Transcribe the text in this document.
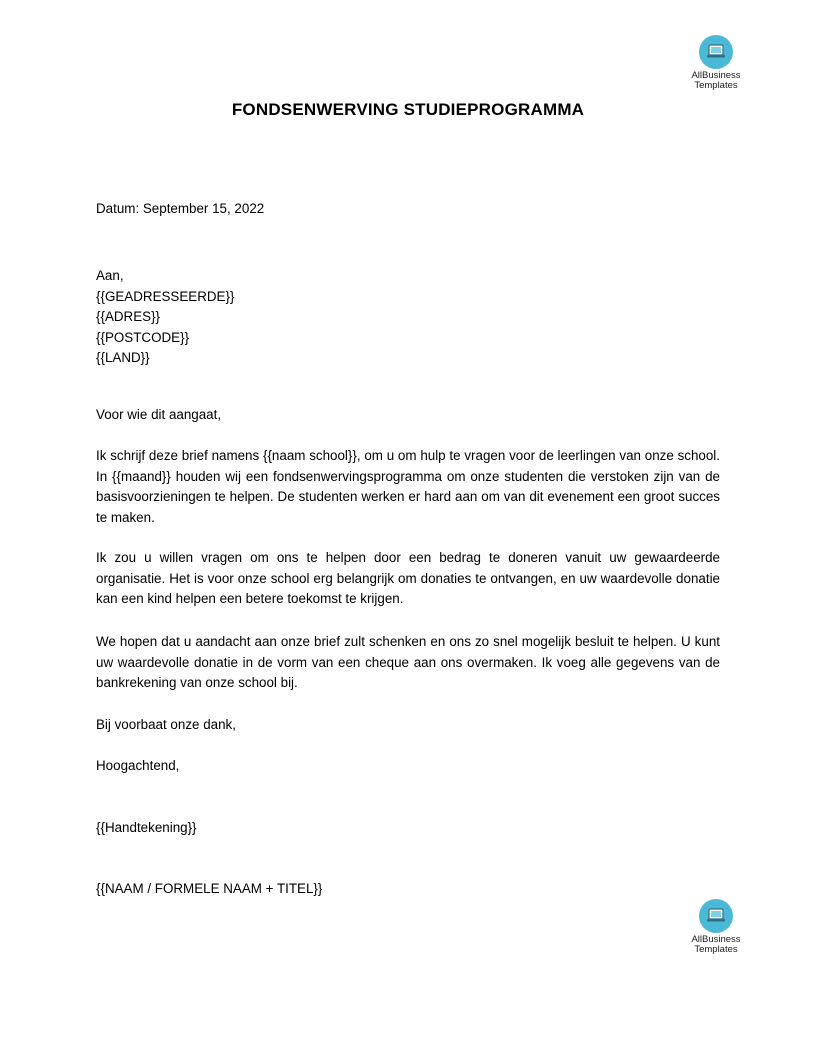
AllBusiness
Templates
FONDSENWERVING STUDIEPROGRAMMA
Datum: September 15, 2022
Aan,
{{GEADRESSEERDE}}
{{ADRES}}
{{POSTCODE}}
{{LAND}}
Voor wie dit aangaat,
Ik schrijf deze brief namens {{naam school}}, om u om hulp te vragen voor de leerlingen van onze school. In {{maand}} houden wij een fondsenwervingsprogramma om onze studenten die verstoken zijn van de basisvoorzieningen te helpen. De studenten werken er hard aan om van dit evenement een groot succes te maken.
Ik zou u willen vragen om ons te helpen door een bedrag te doneren vanuit uw gewaardeerde organisatie. Het is voor onze school erg belangrijk om donaties te ontvangen, en uw waardevolle donatie kan een kind helpen een betere toekomst te krijgen.
We hopen dat u aandacht aan onze brief zult schenken en ons zo snel mogelijk besluit te helpen. U kunt uw waardevolle donatie in de vorm van een cheque aan ons overmaken. Ik voeg alle gegevens van de bankrekening van onze school bij.
Bij voorbaat onze dank,
Hoogachtend,
{{Handtekening}}
{{NAAM / FORMELE NAAM + TITEL}}
AllBusiness
Templates
